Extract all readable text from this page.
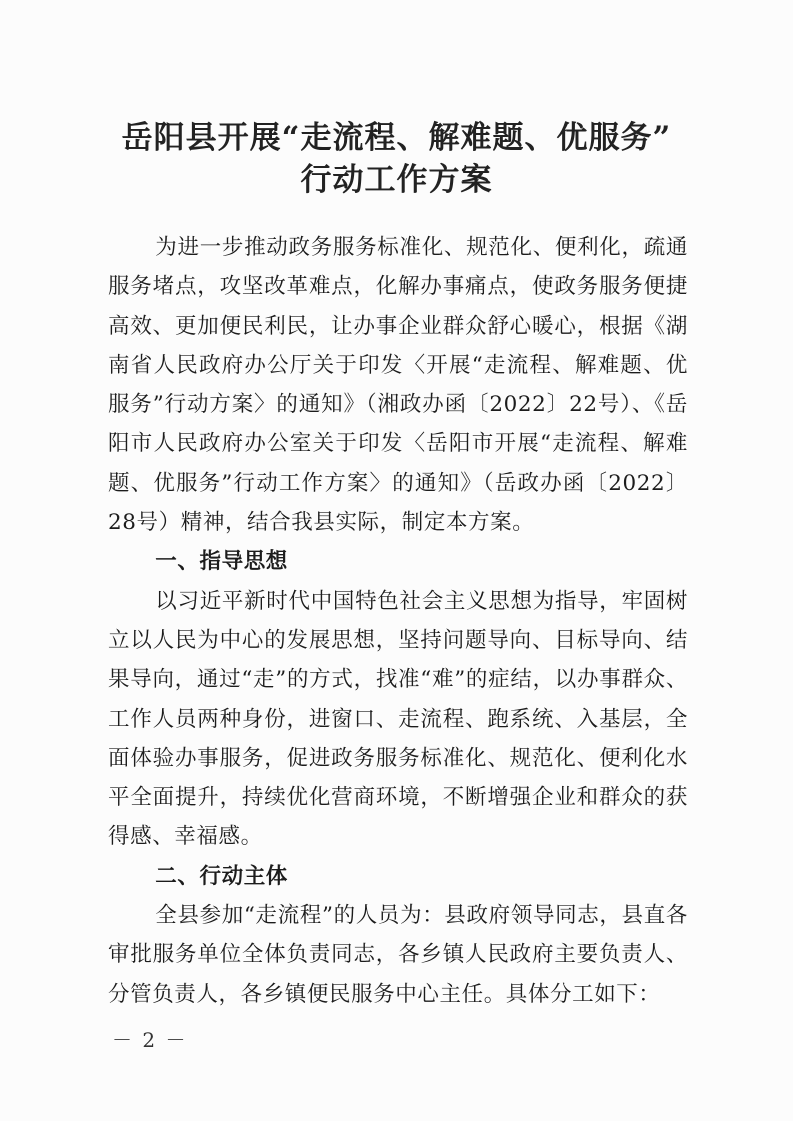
岳阳县开展“走流程、解难题、优服务”
行动工作方案

为进一步推动政务服务标准化、规范化、便利化，疏通服务堵点，攻坚改革难点，化解办事痛点，使政务服务便捷高效、更加便民利民，让办事企业群众舒心暖心，根据《湖南省人民政府办公厅关于印发〈开展“走流程、解难题、优服务”行动方案〉的通知》（湘政办函〔2022〕22号）、《岳阳市人民政府办公室关于印发〈岳阳市开展“走流程、解难题、优服务”行动工作方案〉的通知》（岳政办函〔2022〕28号）精神，结合我县实际，制定本方案。

一、指导思想

以习近平新时代中国特色社会主义思想为指导，牢固树立以人民为中心的发展思想，坚持问题导向、目标导向、结果导向，通过“走”的方式，找准“难”的症结，以办事群众、工作人员两种身份，进窗口、走流程、跑系统、入基层，全面体验办事服务，促进政务服务标准化、规范化、便利化水平全面提升，持续优化营商环境，不断增强企业和群众的获得感、幸福感。

二、行动主体

全县参加“走流程”的人员为：县政府领导同志，县直各审批服务单位全体负责同志，各乡镇人民政府主要负责人、分管负责人，各乡镇便民服务中心主任。具体分工如下：

－ 2 －
